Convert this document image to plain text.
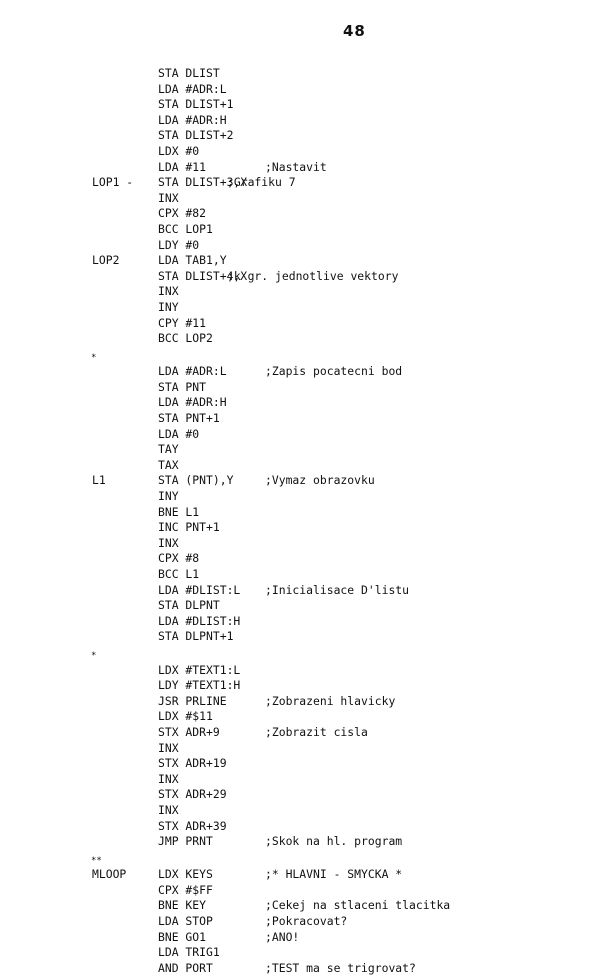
48
STA DLIST
LDA #ADR:L
STA DLIST+1
LDA #ADR:H
STA DLIST+2
LDX #0
LDA #11	;Nastavit
LOP1 - STA DLIST+3,X
;Grafiku 7
INX
CPX #82
BCC LOP1
LDY #0
LOP2	LDA TAB1,Y
STA DLIST+4,X
;k gr. jednotlive vektory
INX
INY
CPY #11
BCC LOP2
*
LDA #ADR:L	;Zapis pocatecni bod
STA PNT
LDA #ADR:H
STA PNT+1
LDA #0
TAY
TAX
L1	STA (PNT),Y	;Vymaz obrazovku
INY
BNE L1
INC PNT+1
INX
CPX #8
BCC L1
LDA #DLIST:L ;Inicialisace D'listu
STA DLPNT
LDA #DLIST:H
STA DLPNT+1
*
LDX #TEXT1:L
LDY #TEXT1:H
JSR PRLINE	;Zobrazeni hlavicky
LDX #$11
STX ADR+9	;Zobrazit cisla
INX
STX ADR+19
INX
STX ADR+29
INX
STX ADR+39
JMP PRNT	;Skok na hl. program
**
MLOOP	LDX KEYS	;* HLAVNI - SMYCKA *
CPX #$FF
BNE KEY	;Cekej na stlaceni tlacitka
LDA STOP	;Pokracovat?
BNE GO1	;ANO!
LDA TRIG1
AND PORT	;TEST ma se trigrovat?
